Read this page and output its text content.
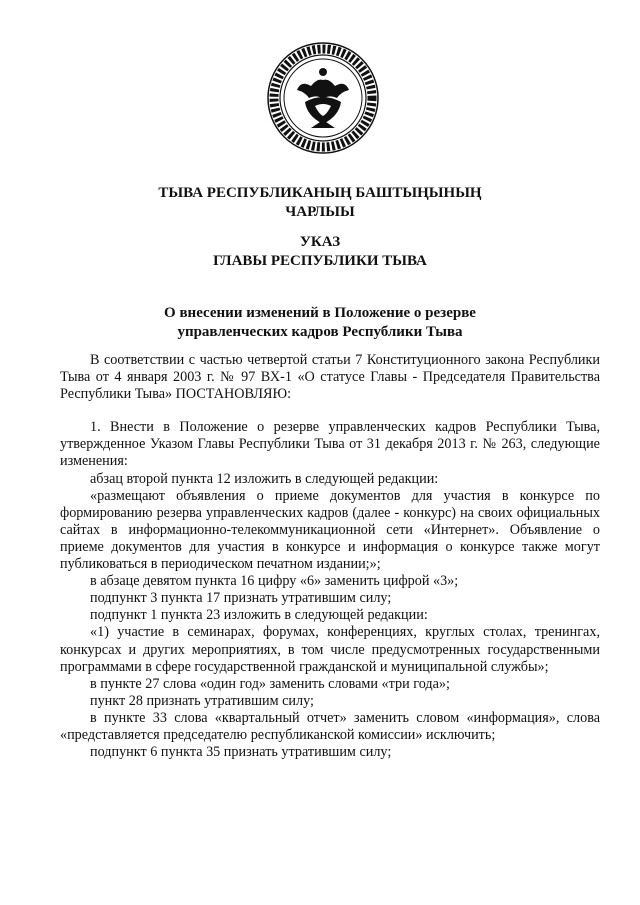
ТЫВА РЕСПУБЛИКАНЫҢ БАШТЫҢЫНЫҢ
ЧАРЛЫЫ
УКАЗ
ГЛАВЫ РЕСПУБЛИКИ ТЫВА
О внесении изменений в Положение о резерве
управленческих кадров Республики Тыва

В соответствии с частью четвертой статьи 7 Конституционного закона Республики Тыва от 4 января 2003 г. № 97 ВХ-1 «О статусе Главы - Председателя Правительства Республики Тыва» ПОСТАНОВЛЯЮ:

1. Внести в Положение о резерве управленческих кадров Республики Тыва, утвержденное Указом Главы Республики Тыва от 31 декабря 2013 г. № 263, следующие изменения:

абзац второй пункта 12 изложить в следующей редакции:

«размещают объявления о приеме документов для участия в конкурсе по формированию резерва управленческих кадров (далее - конкурс) на своих официальных сайтах в информационно-телекоммуникационной сети «Интернет». Объявление о приеме документов для участия в конкурсе и информация о конкурсе также могут публиковаться в периодическом печатном издании;»;

в абзаце девятом пункта 16 цифру «6» заменить цифрой «3»;

подпункт 3 пункта 17 признать утратившим силу;

подпункт 1 пункта 23 изложить в следующей редакции:

«1) участие в семинарах, форумах, конференциях, круглых столах, тренингах, конкурсах и других мероприятиях, в том числе предусмотренных государственными программами в сфере государственной гражданской и муниципальной службы»;

в пункте 27 слова «один год» заменить словами «три года»;

пункт 28 признать утратившим силу;

в пункте 33 слова «квартальный отчет» заменить словом «информация», слова «представляется председателю республиканской комиссии» исключить;

подпункт 6 пункта 35 признать утратившим силу;
